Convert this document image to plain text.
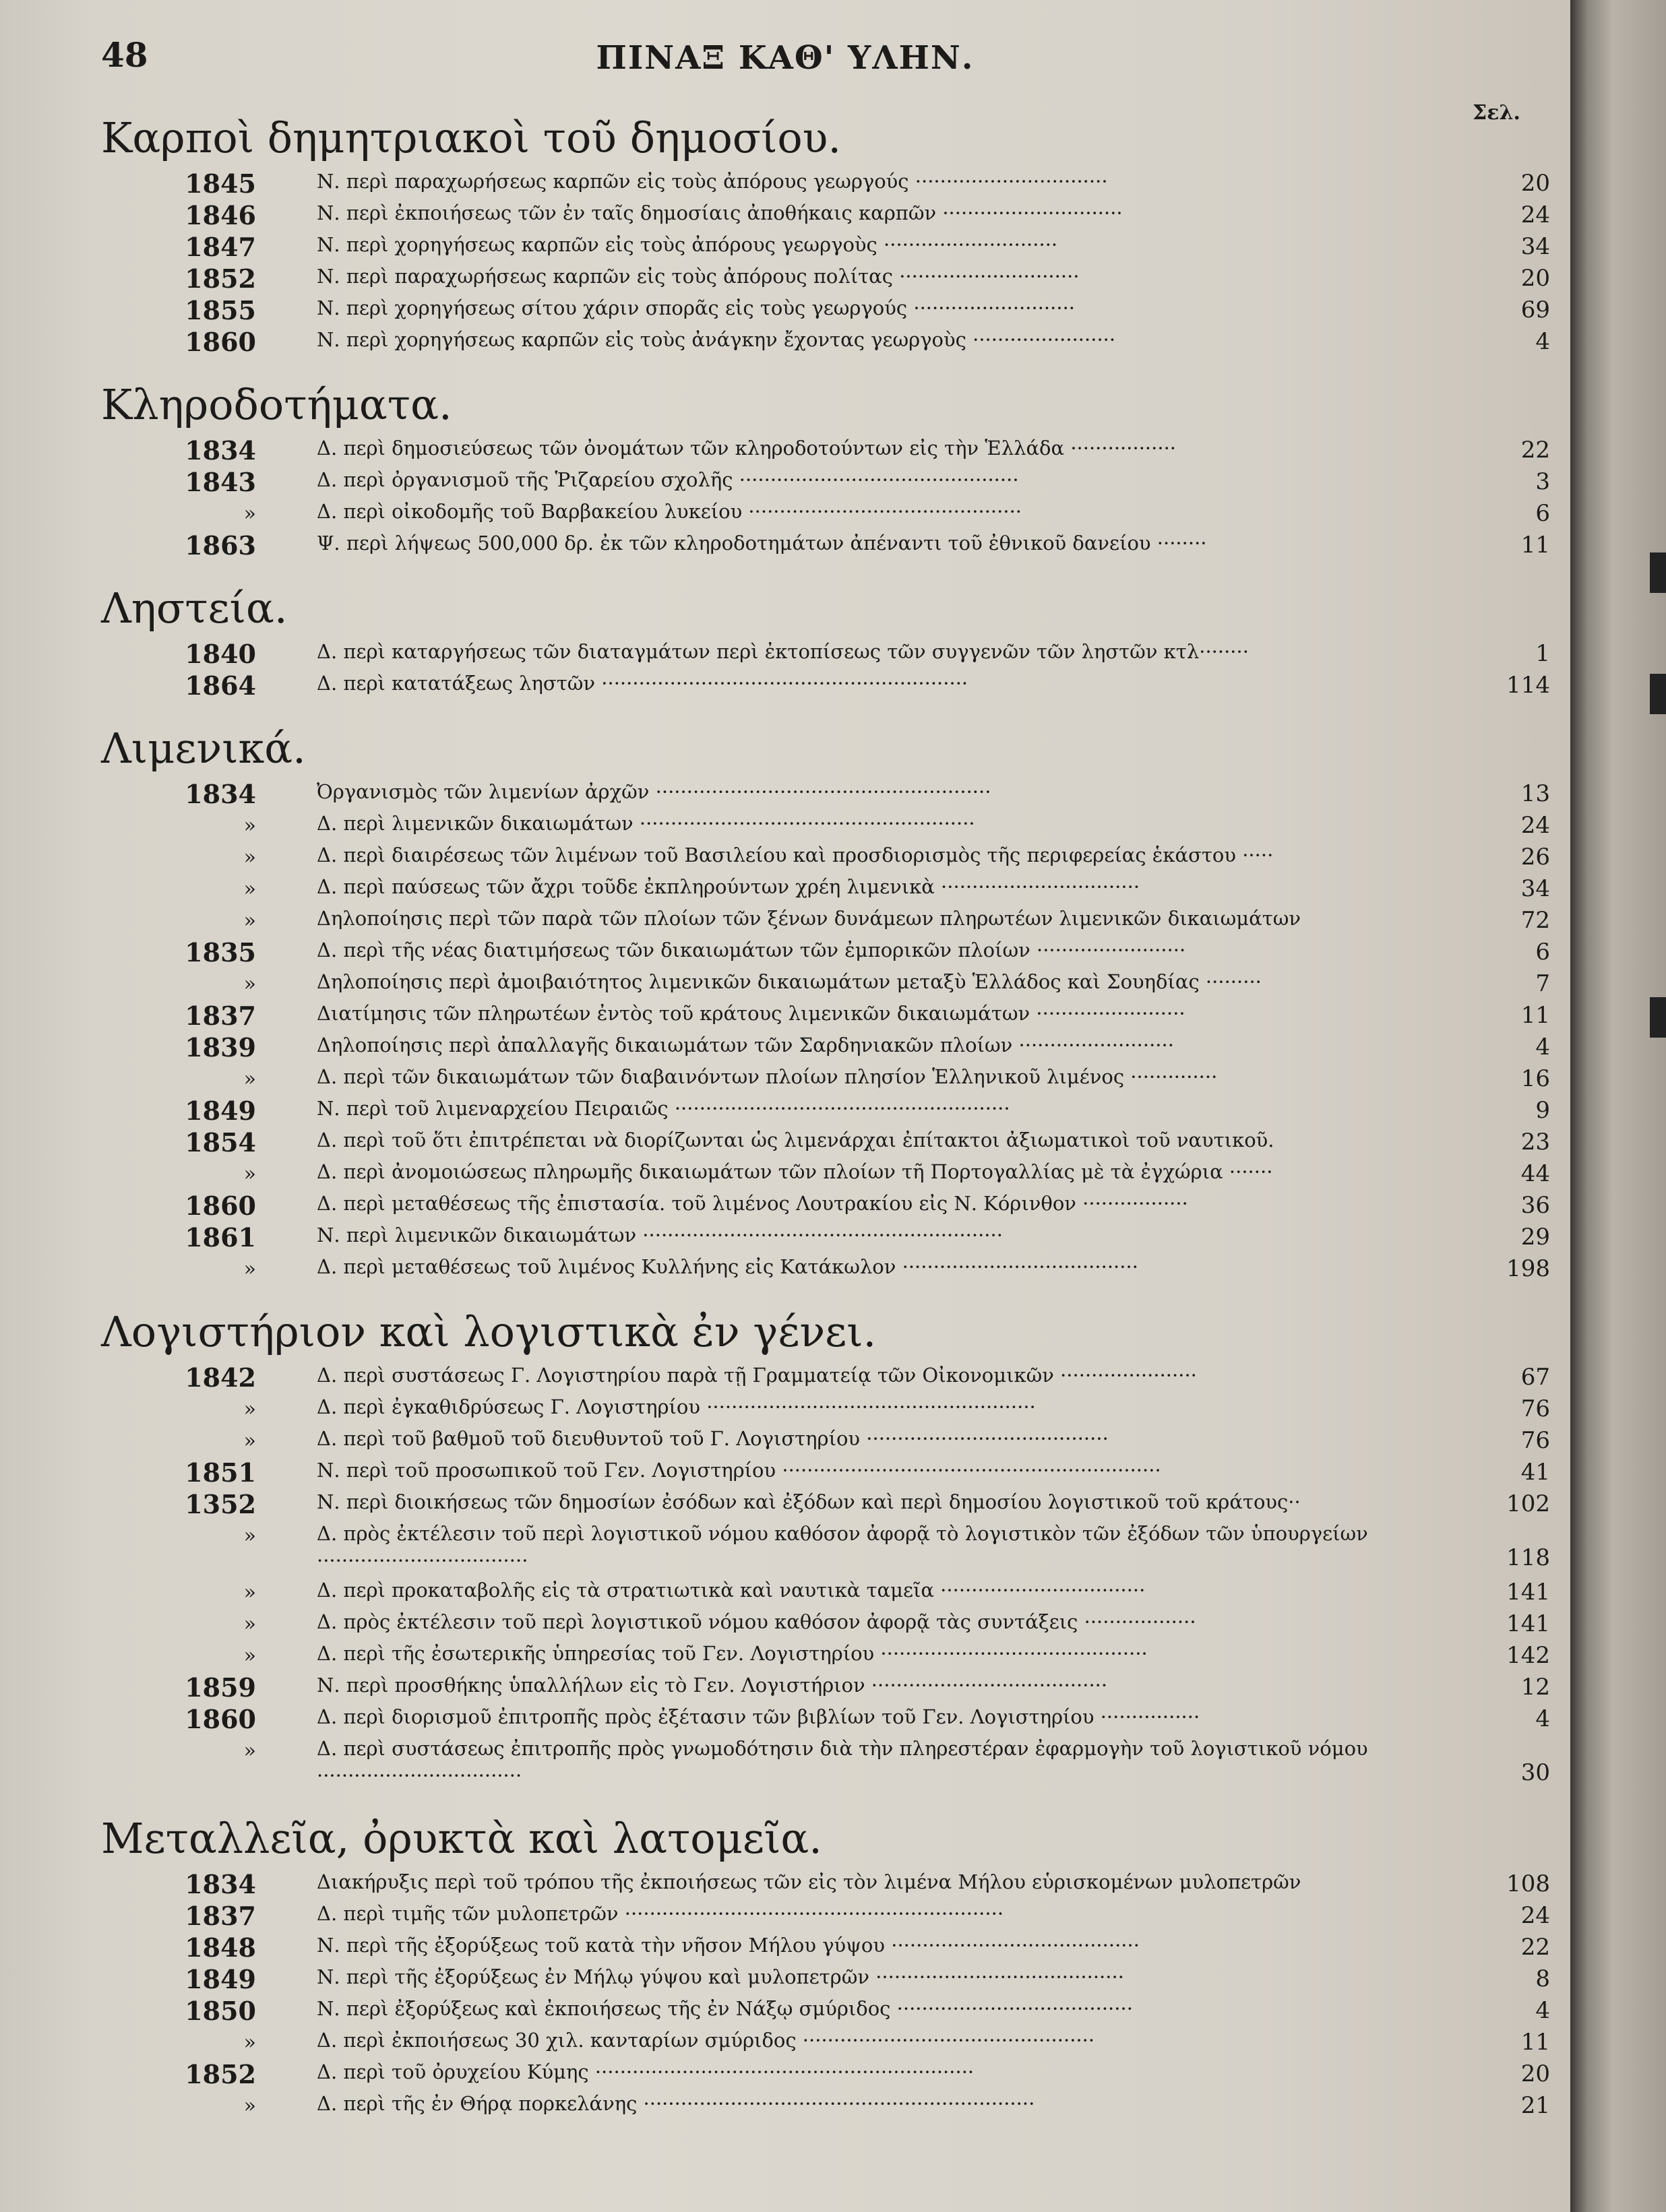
48	ΠΙΝΑΞ ΚΑΘ' ΥΛΗΝ.
Σελ.
Καρποὶ δημητριακοὶ τοῦ δημοσίου.
1845	Ν. περὶ παραχωρήσεως καρπῶν εἰς τοὺς ἀπόρους γεωργούς ·······························	20
1846	Ν. περὶ ἐκποιήσεως τῶν ἐν ταῖς δημοσίαις ἀποθήκαις καρπῶν ·····························	24
1847	Ν. περὶ χορηγήσεως καρπῶν εἰς τοὺς ἀπόρους γεωργοὺς ····························	34
1852	Ν. περὶ παραχωρήσεως καρπῶν εἰς τοὺς ἀπόρους πολίτας ·····························	20
1855	Ν. περὶ χορηγήσεως σίτου χάριν σπορᾶς εἰς τοὺς γεωργούς ··························	69
1860	Ν. περὶ χορηγήσεως καρπῶν εἰς τοὺς ἀνάγκην ἔχοντας γεωργοὺς ·······················	4
Κληροδοτήματα.
1834	Δ. περὶ δημοσιεύσεως τῶν ὀνομάτων τῶν κληροδοτούντων εἰς τὴν Ἑλλάδα ·················	22
1843	Δ. περὶ ὀργανισμοῦ τῆς Ῥιζαρείου σχολῆς ·············································	3
»	Δ. περὶ οἰκοδομῆς τοῦ Βαρβακείου λυκείου ············································	6
1863	Ψ. περὶ λήψεως 500,000 δρ. ἐκ τῶν κληροδοτημάτων ἀπέναντι τοῦ ἐθνικοῦ δανείου ········	11
Ληστεία.
1840	Δ. περὶ καταργήσεως τῶν διαταγμάτων περὶ ἐκτοπίσεως τῶν συγγενῶν τῶν ληστῶν κτλ········	1
1864	Δ. περὶ κατατάξεως ληστῶν ···························································	114
Λιμενικά.
1834	Ὀργανισμὸς τῶν λιμενίων ἀρχῶν ······················································	13
»	Δ. περὶ λιμενικῶν δικαιωμάτων ······················································	24
»	Δ. περὶ διαιρέσεως τῶν λιμένων τοῦ Βασιλείου καὶ προσδιορισμὸς τῆς περιφερείας ἑκάστου ·····	26
»	Δ. περὶ παύσεως τῶν ἄχρι τοῦδε ἐκπληρούντων χρέη λιμενικὰ ································	34
»	Δηλοποίησις περὶ τῶν παρὰ τῶν πλοίων τῶν ξένων δυνάμεων πληρωτέων λιμενικῶν δικαιωμάτων	72
1835	Δ. περὶ τῆς νέας διατιμήσεως τῶν δικαιωμάτων τῶν ἐμπορικῶν πλοίων ························	6
»	Δηλοποίησις περὶ ἀμοιβαιότητος λιμενικῶν δικαιωμάτων μεταξὺ Ἑλλάδος καὶ Σουηδίας ·········	7
1837	Διατίμησις τῶν πληρωτέων ἐντὸς τοῦ κράτους λιμενικῶν δικαιωμάτων ························	11
1839	Δηλοποίησις περὶ ἀπαλλαγῆς δικαιωμάτων τῶν Σαρδηνιακῶν πλοίων ·························	4
»	Δ. περὶ τῶν δικαιωμάτων τῶν διαβαινόντων πλοίων πλησίον Ἑλληνικοῦ λιμένος ··············	16
1849	Ν. περὶ τοῦ λιμεναρχείου Πειραιῶς ······················································	9
1854	Δ. περὶ τοῦ ὅτι ἐπιτρέπεται νὰ διορίζωνται ὡς λιμενάρχαι ἐπίτακτοι ἀξιωματικοὶ τοῦ ναυτικοῦ.	23
»	Δ. περὶ ἀνομοιώσεως πληρωμῆς δικαιωμάτων τῶν πλοίων τῆ Πορτογαλλίας μὲ τὰ ἐγχώρια ·······	44
1860	Δ. περὶ μεταθέσεως τῆς ἐπιστασία. τοῦ λιμένος Λουτρακίου εἰς Ν. Κόρινθον ·················	36
1861	Ν. περὶ λιμενικῶν δικαιωμάτων ··························································	29
»	Δ. περὶ μεταθέσεως τοῦ λιμένος Κυλλήνης εἰς Κατάκωλον ······································	198
Λογιστήριον καὶ λογιστικὰ ἐν γένει.
1842	Δ. περὶ συστάσεως Γ. Λογιστηρίου παρὰ τῇ Γραμματείᾳ τῶν Οἰκονομικῶν ······················	67
»	Δ. περὶ ἐγκαθιδρύσεως Γ. Λογιστηρίου ·····················································	76
»	Δ. περὶ τοῦ βαθμοῦ τοῦ διευθυντοῦ τοῦ Γ. Λογιστηρίου ·······································	76
1851	Ν. περὶ τοῦ προσωπικοῦ τοῦ Γεν. Λογιστηρίου ·····························································	41
1352	Ν. περὶ διοικήσεως τῶν δημοσίων ἐσόδων καὶ ἐξόδων καὶ περὶ δημοσίου λογιστικοῦ τοῦ κράτους··	102
»	Δ. πρὸς ἐκτέλεσιν τοῦ περὶ λογιστικοῦ νόμου καθόσον ἀφορᾷ τὸ λογιστικὸν τῶν ἐξόδων τῶν ὑπουργείων ··································	118
»	Δ. περὶ προκαταβολῆς εἰς τὰ στρατιωτικὰ καὶ ναυτικὰ ταμεῖα ·································	141
»	Δ. πρὸς ἐκτέλεσιν τοῦ περὶ λογιστικοῦ νόμου καθόσον ἀφορᾷ τὰς συντάξεις ··················	141
»	Δ. περὶ τῆς ἐσωτερικῆς ὑπηρεσίας τοῦ Γεν. Λογιστηρίου ···········································	142
1859	Ν. περὶ προσθήκης ὑπαλλήλων εἰς τὸ Γεν. Λογιστήριον ······································	12
1860	Δ. περὶ διορισμοῦ ἐπιτροπῆς πρὸς ἐξέτασιν τῶν βιβλίων τοῦ Γεν. Λογιστηρίου ················	4
»	Δ. περὶ συστάσεως ἐπιτροπῆς πρὸς γνωμοδότησιν διὰ τὴν πληρεστέραν ἐφαρμογὴν τοῦ λογιστικοῦ νόμου ·································	30
Μεταλλεῖα, ὀρυκτὰ καὶ λατομεῖα.
1834	Διακήρυξις περὶ τοῦ τρόπου τῆς ἐκποιήσεως τῶν εἰς τὸν λιμένα Μήλου εὑρισκομένων μυλοπετρῶν	108
1837	Δ. περὶ τιμῆς τῶν μυλοπετρῶν ·····························································	24
1848	Ν. περὶ τῆς ἐξορύξεως τοῦ κατὰ τὴν νῆσον Μήλου γύψου ········································	22
1849	Ν. περὶ τῆς ἐξορύξεως ἐν Μήλῳ γύψου καὶ μυλοπετρῶν ········································	8
1850	Ν. περὶ ἐξορύξεως καὶ ἐκποιήσεως τῆς ἐν Νάξῳ σμύριδος ······································	4
»	Δ. περὶ ἐκποιήσεως 30 χιλ. κανταρίων σμύριδος ···············································	11
1852	Δ. περὶ τοῦ ὀρυχείου Κύμης ·····························································	20
»	Δ. περὶ τῆς ἐν Θήρᾳ πορκελάνης ·······························································	21
